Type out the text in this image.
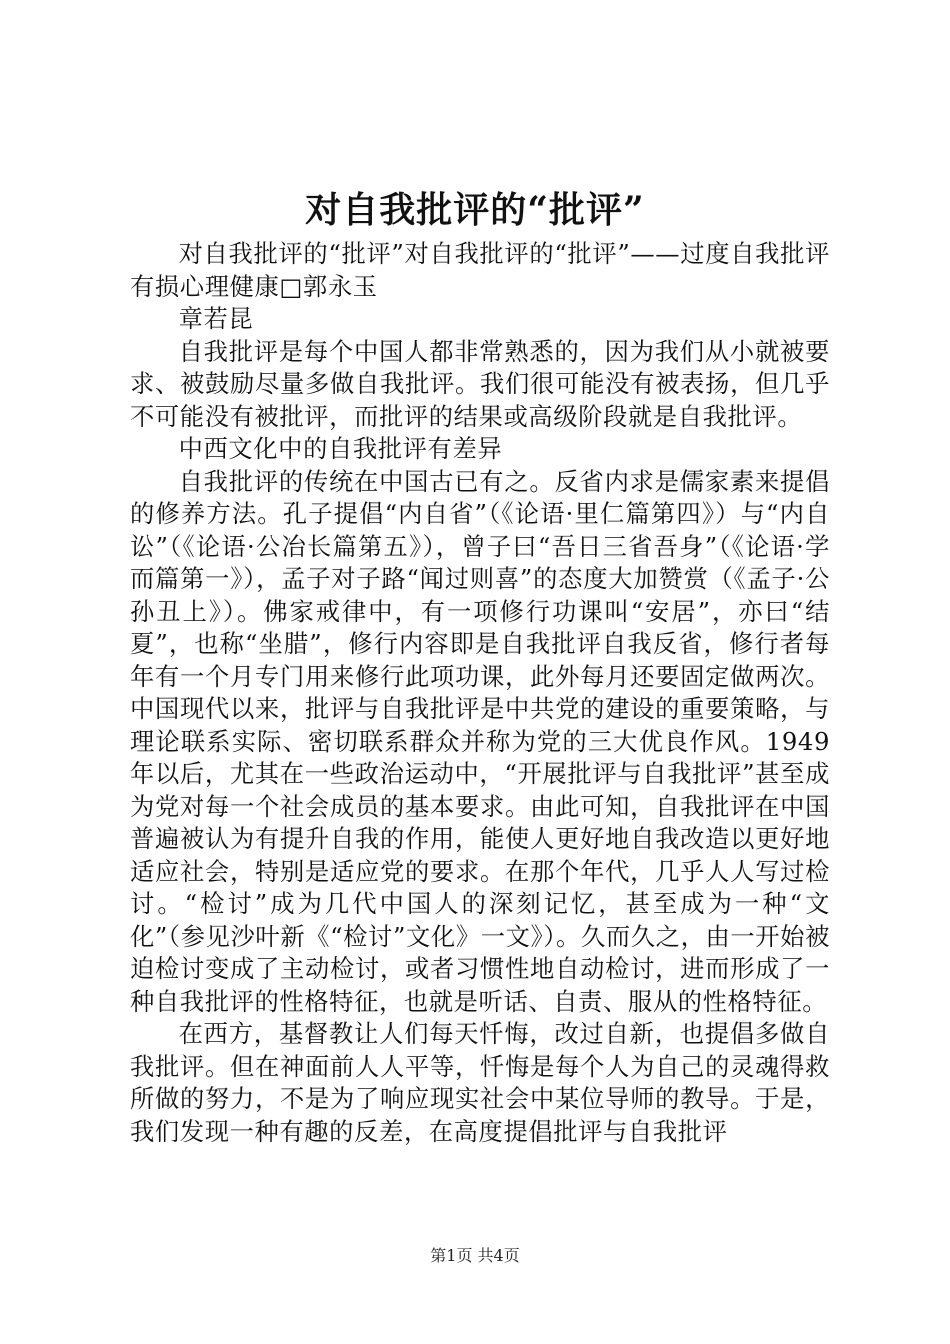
对自我批评的“批评”

对自我批评的“批评”对自我批评的“批评”——过度自我批评有损心理健康□郭永玉

章若昆

自我批评是每个中国人都非常熟悉的，因为我们从小就被要求、被鼓励尽量多做自我批评。我们很可能没有被表扬，但几乎不可能没有被批评，而批评的结果或高级阶段就是自我批评。

中西文化中的自我批评有差异

自我批评的传统在中国古已有之。反省内求是儒家素来提倡的修养方法。孔子提倡“内自省”（《论语·里仁篇第四》）与“内自讼”（《论语·公冶长篇第五》），曾子曰“吾日三省吾身”（《论语·学而篇第一》），孟子对子路“闻过则喜”的态度大加赞赏（《孟子·公孙丑上》）。佛家戒律中，有一项修行功课叫“安居”，亦曰“结夏”，也称“坐腊”，修行内容即是自我批评自我反省，修行者每年有一个月专门用来修行此项功课，此外每月还要固定做两次。中国现代以来，批评与自我批评是中共党的建设的重要策略，与理论联系实际、密切联系群众并称为党的三大优良作风。1949年以后，尤其在一些政治运动中，“开展批评与自我批评”甚至成为党对每一个社会成员的基本要求。由此可知，自我批评在中国普遍被认为有提升自我的作用，能使人更好地自我改造以更好地适应社会，特别是适应党的要求。在那个年代，几乎人人写过检讨。“检讨”成为几代中国人的深刻记忆，甚至成为一种“文化”（参见沙叶新《“检讨”文化》一文》）。久而久之，由一开始被迫检讨变成了主动检讨，或者习惯性地自动检讨，进而形成了一种自我批评的性格特征，也就是听话、自责、服从的性格特征。

在西方，基督教让人们每天忏悔，改过自新，也提倡多做自我批评。但在神面前人人平等，忏悔是每个人为自己的灵魂得救所做的努力，不是为了响应现实社会中某位导师的教导。于是，我们发现一种有趣的反差，在高度提倡批评与自我批评

第1页 共4页
